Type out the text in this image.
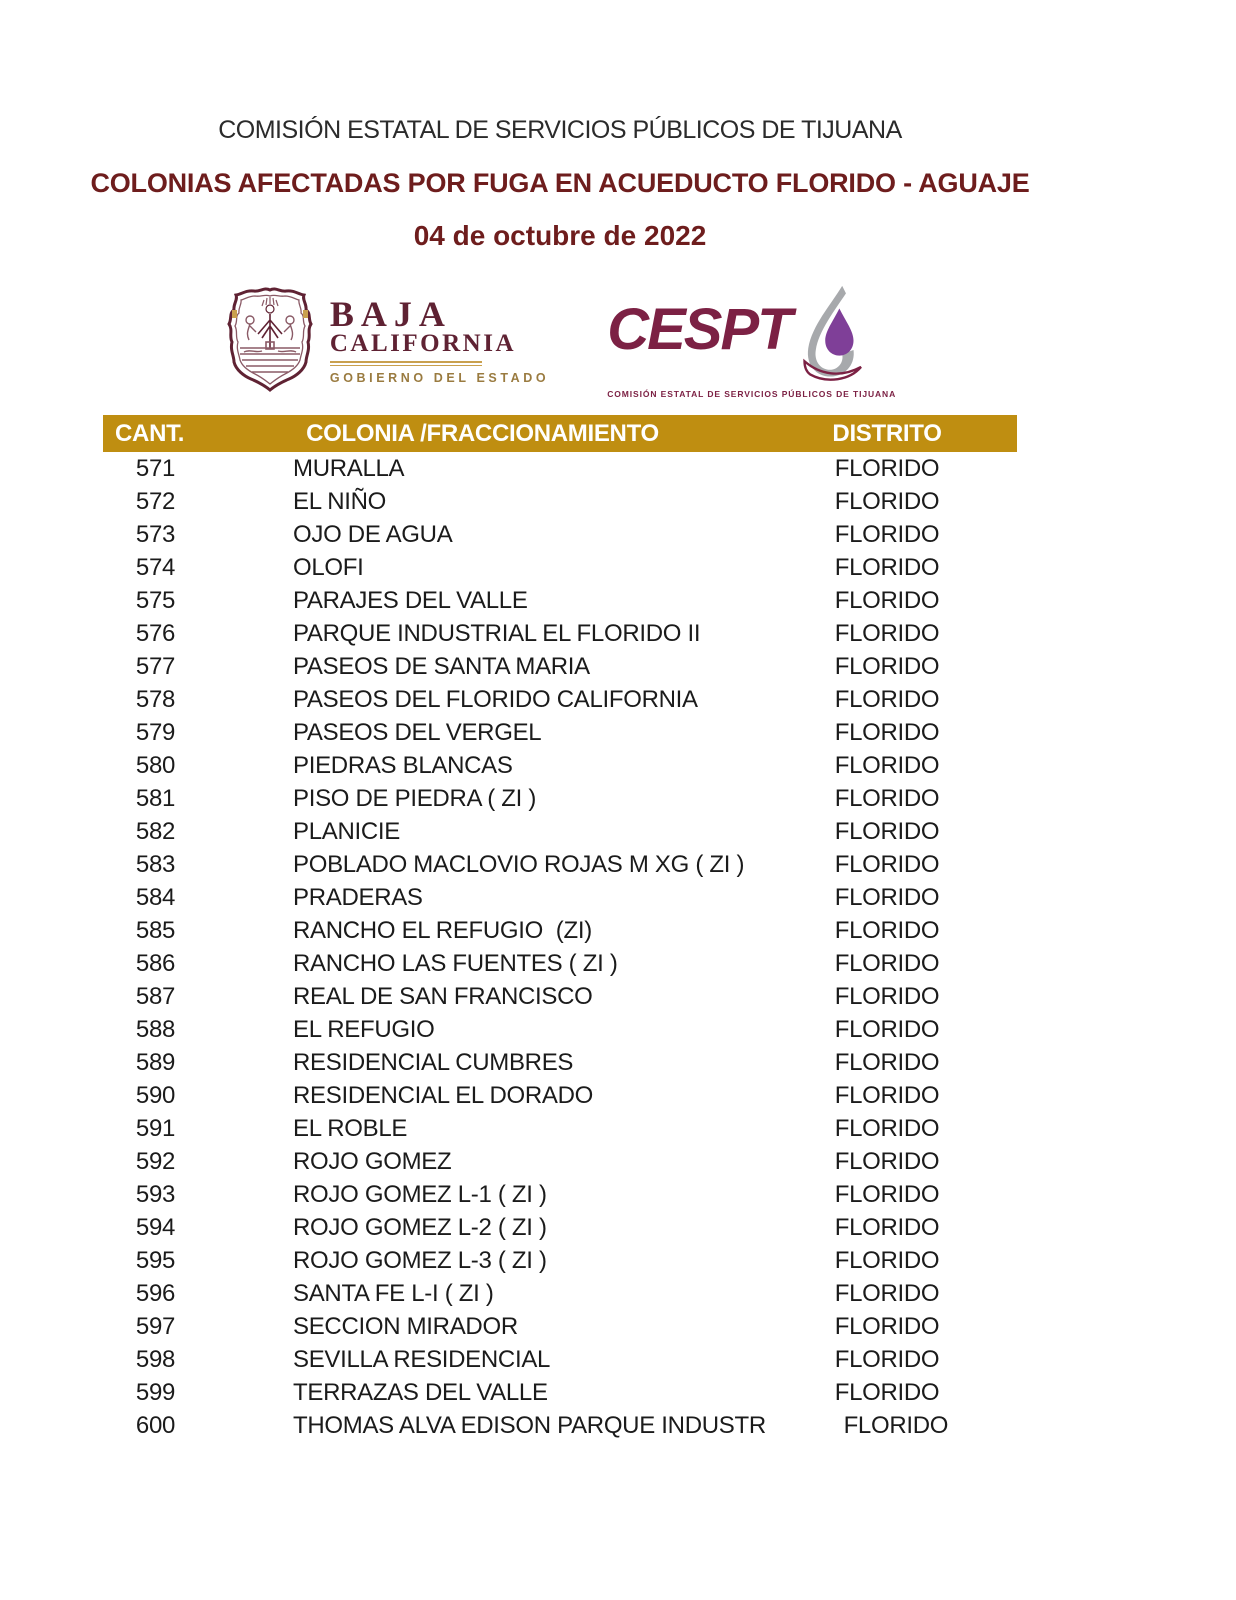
COMISIÓN ESTATAL DE SERVICIOS PÚBLICOS DE TIJUANA
COLONIAS AFECTADAS POR FUGA EN ACUEDUCTO FLORIDO - AGUAJE
04 de octubre de 2022
BAJA
CALIFORNIA
GOBIERNO DEL ESTADO
CESPT
COMISIÓN ESTATAL DE SERVICIOS PÚBLICOS DE TIJUANA
CANT.	COLONIA /FRACCIONAMIENTO	DISTRITO
571	MURALLA	FLORIDO
572	EL NIÑO	FLORIDO
573	OJO DE AGUA	FLORIDO
574	OLOFI	FLORIDO
575	PARAJES DEL VALLE	FLORIDO
576	PARQUE INDUSTRIAL EL FLORIDO II	FLORIDO
577	PASEOS DE SANTA MARIA	FLORIDO
578	PASEOS DEL FLORIDO CALIFORNIA	FLORIDO
579	PASEOS DEL VERGEL	FLORIDO
580	PIEDRAS BLANCAS	FLORIDO
581	PISO DE PIEDRA ( ZI )	FLORIDO
582	PLANICIE	FLORIDO
583	POBLADO MACLOVIO ROJAS M XG ( ZI )	FLORIDO
584	PRADERAS	FLORIDO
585	RANCHO EL REFUGIO  (ZI)	FLORIDO
586	RANCHO LAS FUENTES ( ZI )	FLORIDO
587	REAL DE SAN FRANCISCO	FLORIDO
588	EL REFUGIO	FLORIDO
589	RESIDENCIAL CUMBRES	FLORIDO
590	RESIDENCIAL EL DORADO	FLORIDO
591	EL ROBLE	FLORIDO
592	ROJO GOMEZ	FLORIDO
593	ROJO GOMEZ L-1 ( ZI )	FLORIDO
594	ROJO GOMEZ L-2 ( ZI )	FLORIDO
595	ROJO GOMEZ L-3 ( ZI )	FLORIDO
596	SANTA FE L-I ( ZI )	FLORIDO
597	SECCION MIRADOR	FLORIDO
598	SEVILLA RESIDENCIAL	FLORIDO
599	TERRAZAS DEL VALLE	FLORIDO
600	THOMAS ALVA EDISON PARQUE INDUSTR	FLORIDO
